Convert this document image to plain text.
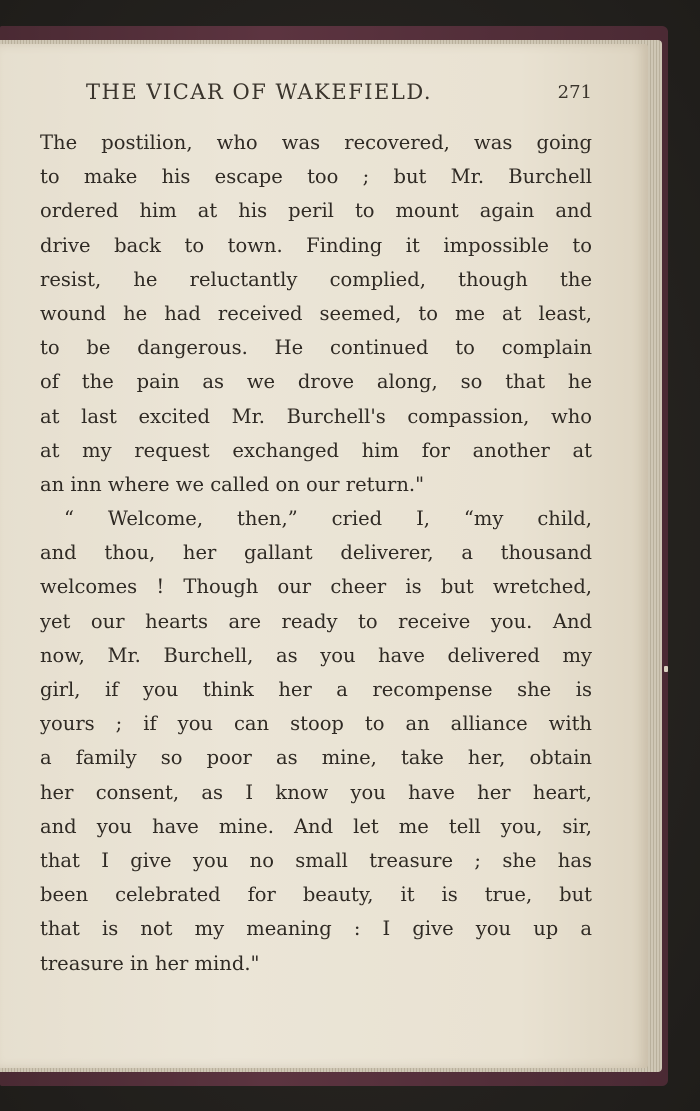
THE VICAR OF WAKEFIELD.	271
The postilion, who was recovered, was going
to make his escape too ; but Mr. Burchell
ordered him at his peril to mount again and
drive back to town. Finding it impossible to
resist, he reluctantly complied, though the
wound he had received seemed, to me at least,
to be dangerous. He continued to complain
of the pain as we drove along, so that he
at last excited Mr. Burchell's compassion, who
at my request exchanged him for another at
an inn where we called on our return."
“ Welcome, then,” cried I, “my child,
and thou, her gallant deliverer, a thousand
welcomes ! Though our cheer is but wretched,
yet our hearts are ready to receive you. And
now, Mr. Burchell, as you have delivered my
girl, if you think her a recompense she is
yours ; if you can stoop to an alliance with
a family so poor as mine, take her, obtain
her consent, as I know you have her heart,
and you have mine. And let me tell you, sir,
that I give you no small treasure ; she has
been celebrated for beauty, it is true, but
that is not my meaning : I give you up a
treasure in her mind."
